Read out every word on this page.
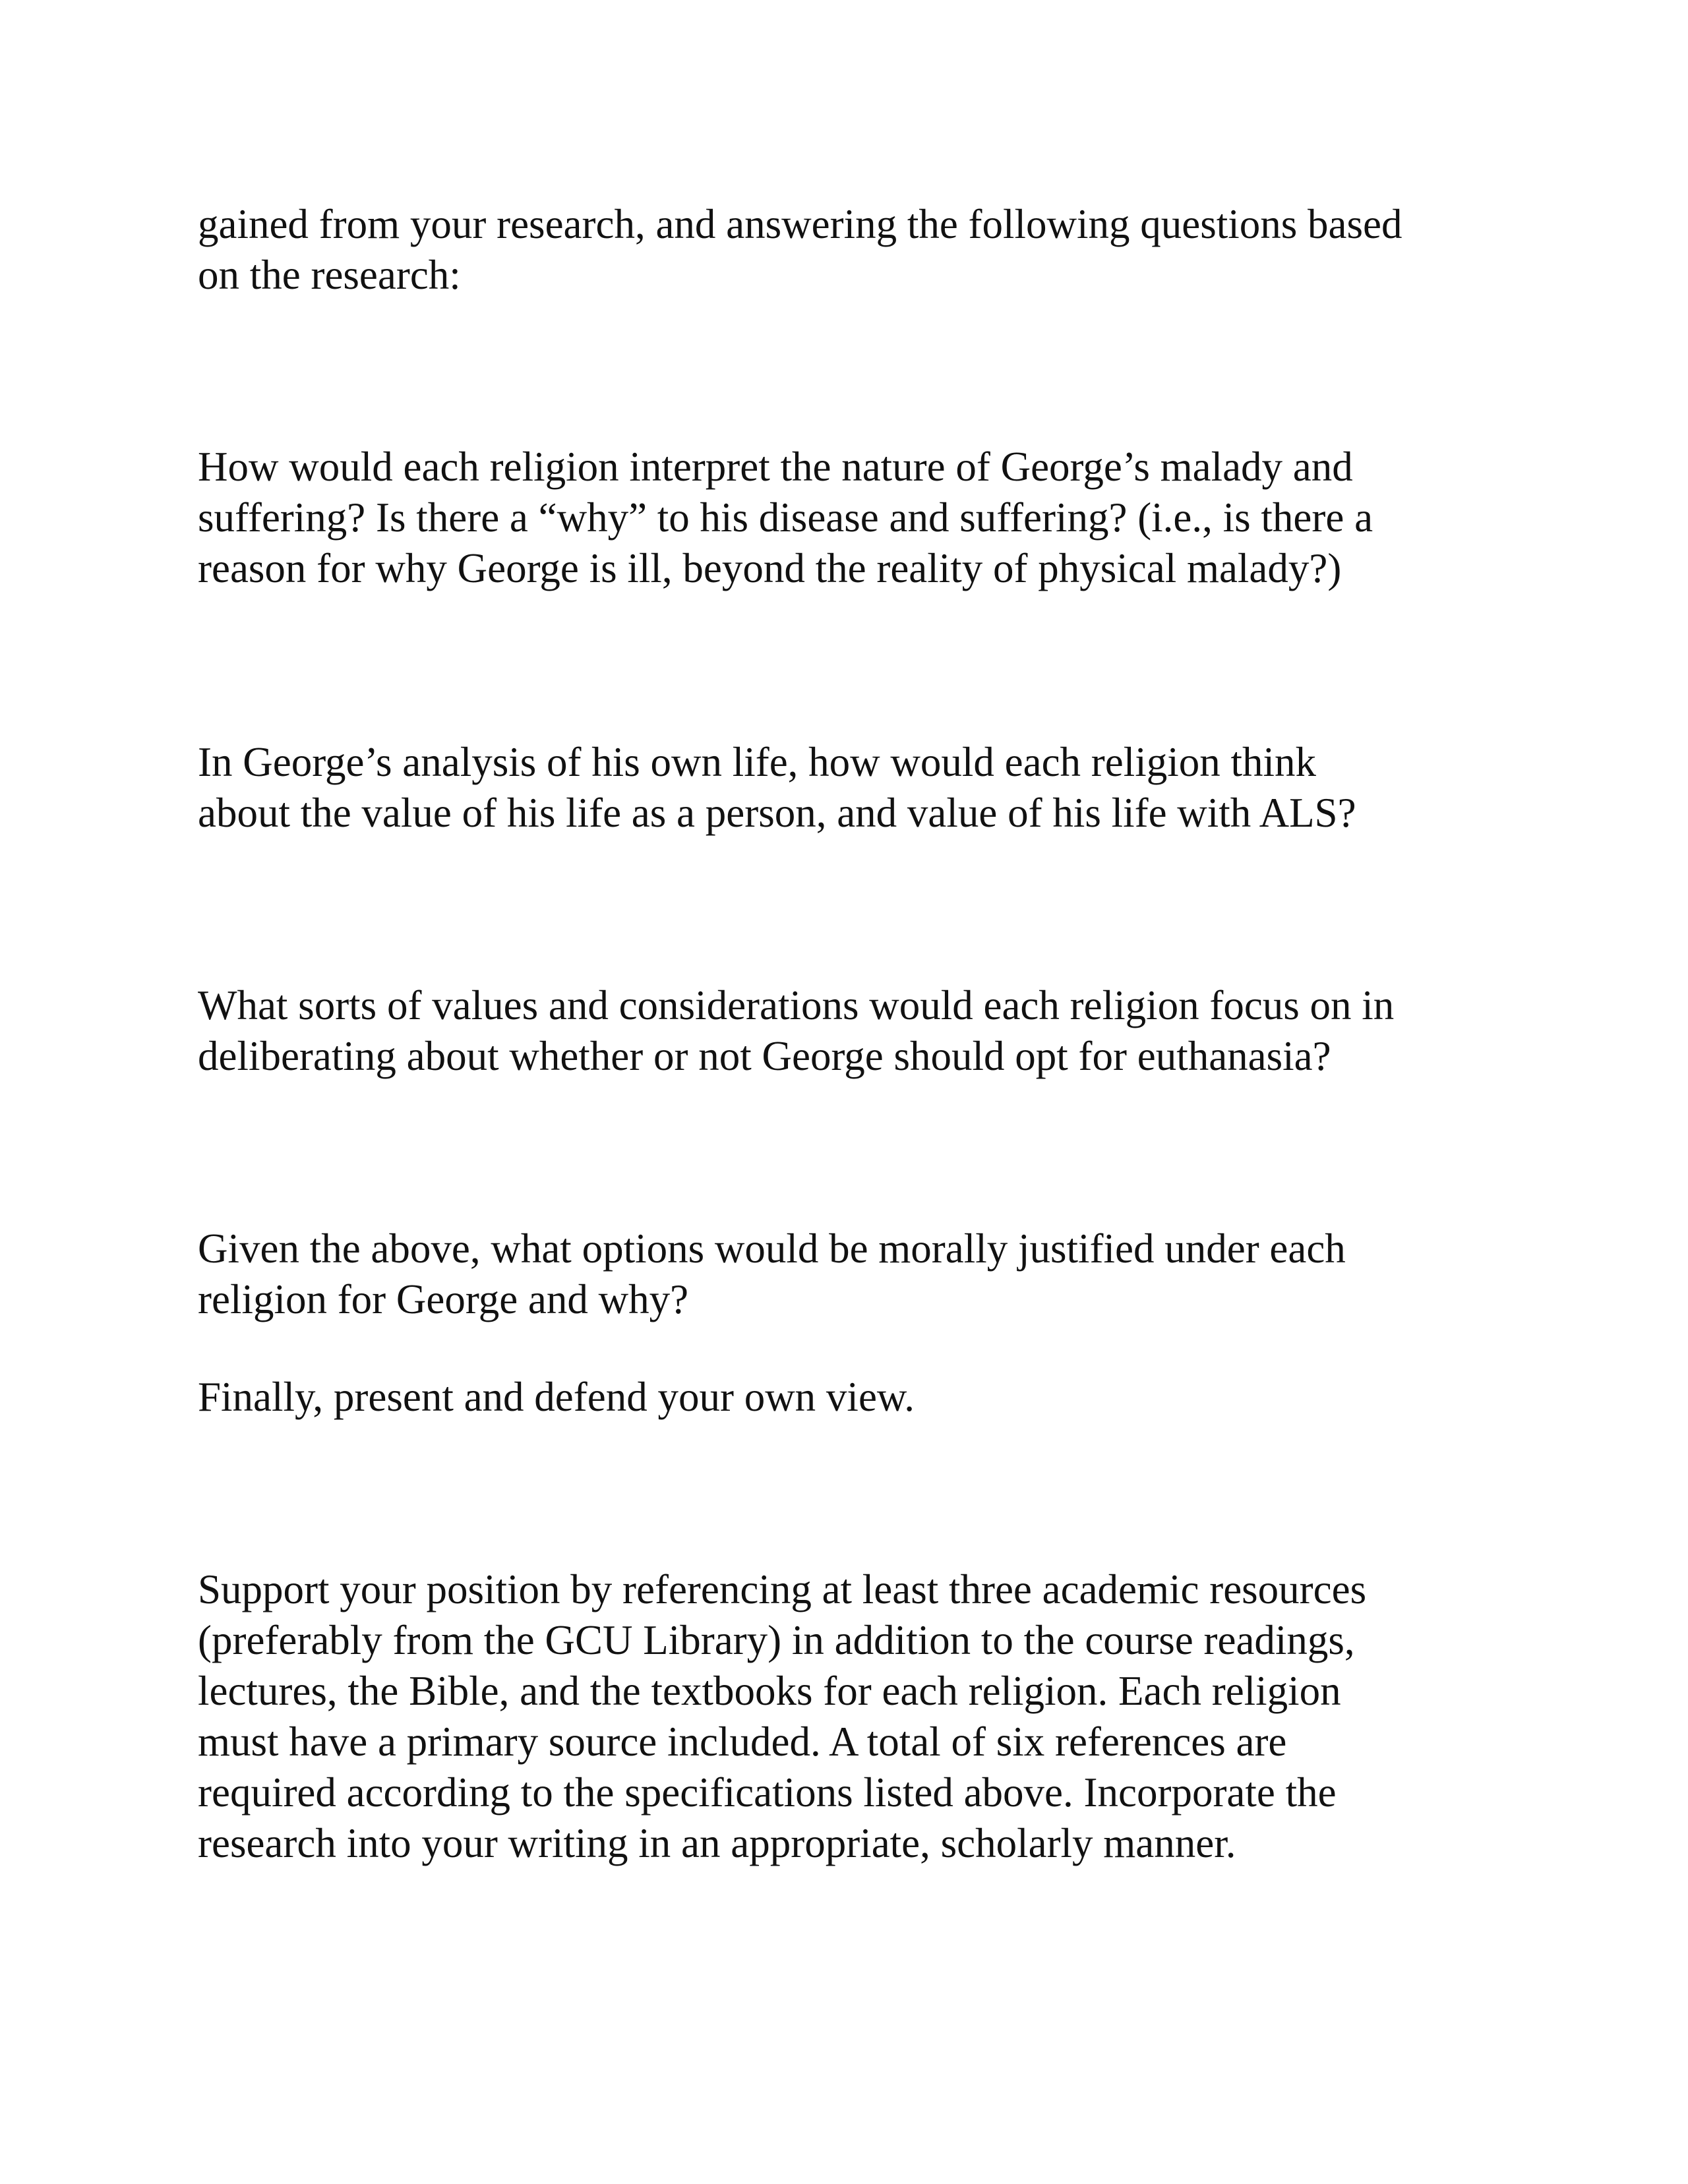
gained from your research, and answering the following questions based
on the research:

How would each religion interpret the nature of George’s malady and
suffering? Is there a “why” to his disease and suffering? (i.e., is there a
reason for why George is ill, beyond the reality of physical malady?)

In George’s analysis of his own life, how would each religion think
about the value of his life as a person, and value of his life with ALS?

What sorts of values and considerations would each religion focus on in
deliberating about whether or not George should opt for euthanasia?

Given the above, what options would be morally justified under each
religion for George and why?

Finally, present and defend your own view.

Support your position by referencing at least three academic resources
(preferably from the GCU Library) in addition to the course readings,
lectures, the Bible, and the textbooks for each religion. Each religion
must have a primary source included. A total of six references are
required according to the specifications listed above. Incorporate the
research into your writing in an appropriate, scholarly manner.
